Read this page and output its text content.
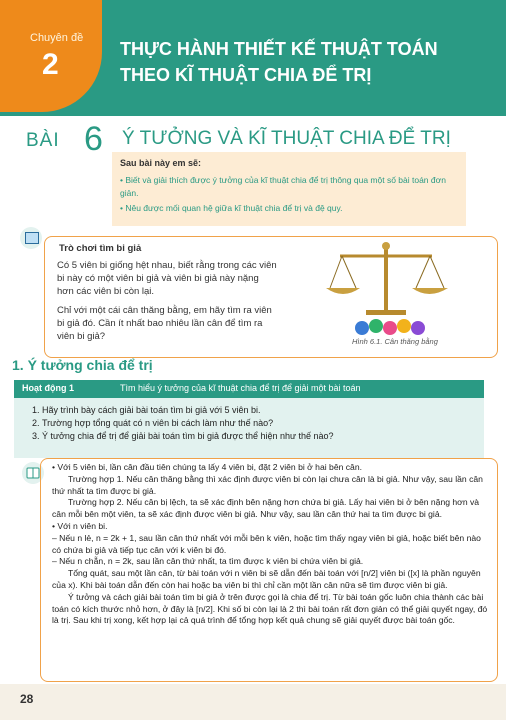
Chuyên đề
2	THỰC HÀNH THIẾT KẾ THUẬT TOÁN
THEO KĨ THUẬT CHIA ĐỂ TRỊ
BÀI 6 Ý TƯỞNG VÀ KĨ THUẬT CHIA ĐỂ TRỊ
Sau bài này em sẽ:
• Biết và giải thích được ý tưởng của kĩ thuật chia để trị thông qua một số bài toán đơn giản.
• Nêu được mối quan hệ giữa kĩ thuật chia để trị và đệ quy.
Trò chơi tìm bi giả

Có 5 viên bi giống hệt nhau, biết rằng trong các viên bi này có một viên bi giả và viên bi giả này nặng hơn các viên bi còn lại.

Chỉ với một cái cân thăng bằng, em hãy tìm ra viên bi giả đó. Cần ít nhất bao nhiêu lần cân để tìm ra viên bi giả?	Hình 6.1. Cân thăng bằng
1. Ý tưởng chia để trị
Hoạt động 1	Tìm hiểu ý tưởng của kĩ thuật chia để trị để giải một bài toán
1. Hãy trình bày cách giải bài toán tìm bi giả với 5 viên bi.
2. Trường hợp tổng quát có n viên bi cách làm như thế nào?
3. Ý tưởng chia để trị để giải bài toán tìm bi giả được thể hiện như thế nào?

• Với 5 viên bi, lần cân đầu tiên chúng ta lấy 4 viên bi, đặt 2 viên bi ở hai bên cân.

Trường hợp 1. Nếu cân thăng bằng thì xác định được viên bi còn lại chưa cân là bi giả. Như vậy, sau lần cân thứ nhất ta tìm được bi giả.

Trường hợp 2. Nếu cân bị lệch, ta sẽ xác định bên nặng hơn chứa bi giả. Lấy hai viên bi ở bên nặng hơn và cân mỗi bên một viên, ta sẽ xác định được viên bi giả. Như vậy, sau lần cân thứ hai ta tìm được bi giả.

• Với n viên bi.

– Nếu n lẻ, n = 2k + 1, sau lần cân thứ nhất với mỗi bên k viên, hoặc tìm thấy ngay viên bi giả, hoặc biết bên nào có chứa bi giả và tiếp tục cân với k viên bi đó.

– Nếu n chẵn, n = 2k, sau lần cân thứ nhất, ta tìm được k viên bi chứa viên bi giả.

Tổng quát, sau một lần cân, từ bài toán với n viên bi sẽ dẫn đến bài toán với [n/2] viên bi ([x] là phần nguyên của x). Khi bài toán dẫn đến còn hai hoặc ba viên bi thì chỉ cần một lần cân nữa sẽ tìm được viên bi giả.

Ý tưởng và cách giải bài toán tìm bi giả ở trên được gọi là chia để trị. Từ bài toán gốc luôn chia thành các bài toán có kích thước nhỏ hơn, ở đây là [n/2]. Khi số bi còn lại là 2 thì bài toán rất đơn giản có thể giải quyết ngay, đó là trị. Sau khi trị xong, kết hợp lại cả quá trình để tổng hợp kết quả chung sẽ giải quyết được bài toán gốc.

28
